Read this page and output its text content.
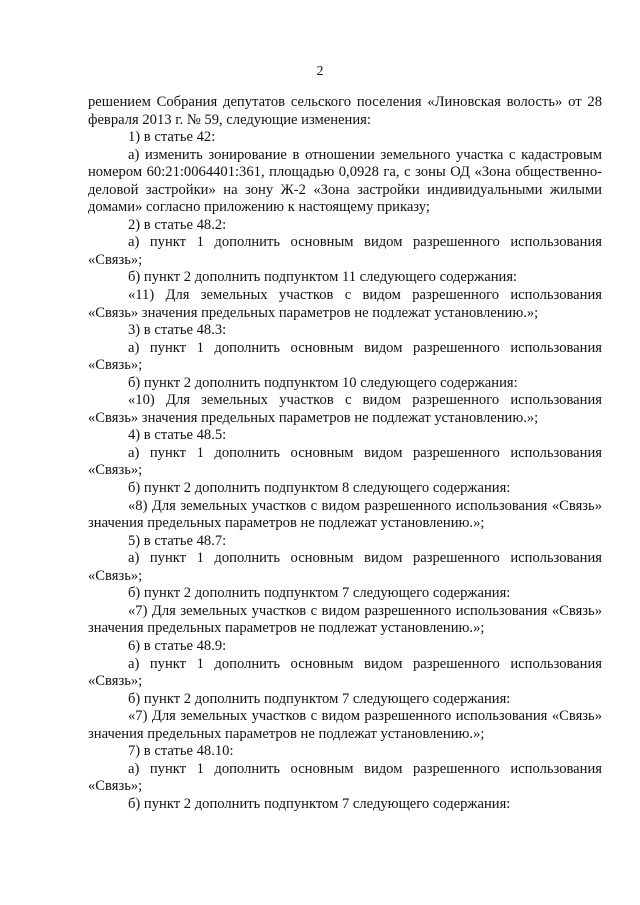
2

решением Собрания депутатов сельского поселения «Линовская волость» от 28 февраля 2013 г. № 59, следующие изменения:

1) в статье 42:

а) изменить зонирование в отношении земельного участка с кадастровым номером 60:21:0064401:361, площадью 0,0928 га, с зоны ОД «Зона общественно-деловой застройки» на зону Ж-2 «Зона застройки индивидуальными жилыми домами» согласно приложению к настоящему приказу;

2) в статье 48.2:

а) пункт 1 дополнить основным видом разрешенного использования «Связь»;

б) пункт 2 дополнить подпунктом 11 следующего содержания:

«11) Для земельных участков с видом разрешенного использования «Связь» значения предельных параметров не подлежат установлению.»;

3) в статье 48.3:

а) пункт 1 дополнить основным видом разрешенного использования «Связь»;

б) пункт 2 дополнить подпунктом 10 следующего содержания:

«10) Для земельных участков с видом разрешенного использования «Связь» значения предельных параметров не подлежат установлению.»;

4) в статье 48.5:

а) пункт 1 дополнить основным видом разрешенного использования «Связь»;

б) пункт 2 дополнить подпунктом 8 следующего содержания:

«8) Для земельных участков с видом разрешенного использования «Связь» значения предельных параметров не подлежат установлению.»;

5) в статье 48.7:

а) пункт 1 дополнить основным видом разрешенного использования «Связь»;

б) пункт 2 дополнить подпунктом 7 следующего содержания:

«7) Для земельных участков с видом разрешенного использования «Связь» значения предельных параметров не подлежат установлению.»;

6) в статье 48.9:

а) пункт 1 дополнить основным видом разрешенного использования «Связь»;

б) пункт 2 дополнить подпунктом 7 следующего содержания:

«7) Для земельных участков с видом разрешенного использования «Связь» значения предельных параметров не подлежат установлению.»;

7) в статье 48.10:

а) пункт 1 дополнить основным видом разрешенного использования «Связь»;

б) пункт 2 дополнить подпунктом 7 следующего содержания:
